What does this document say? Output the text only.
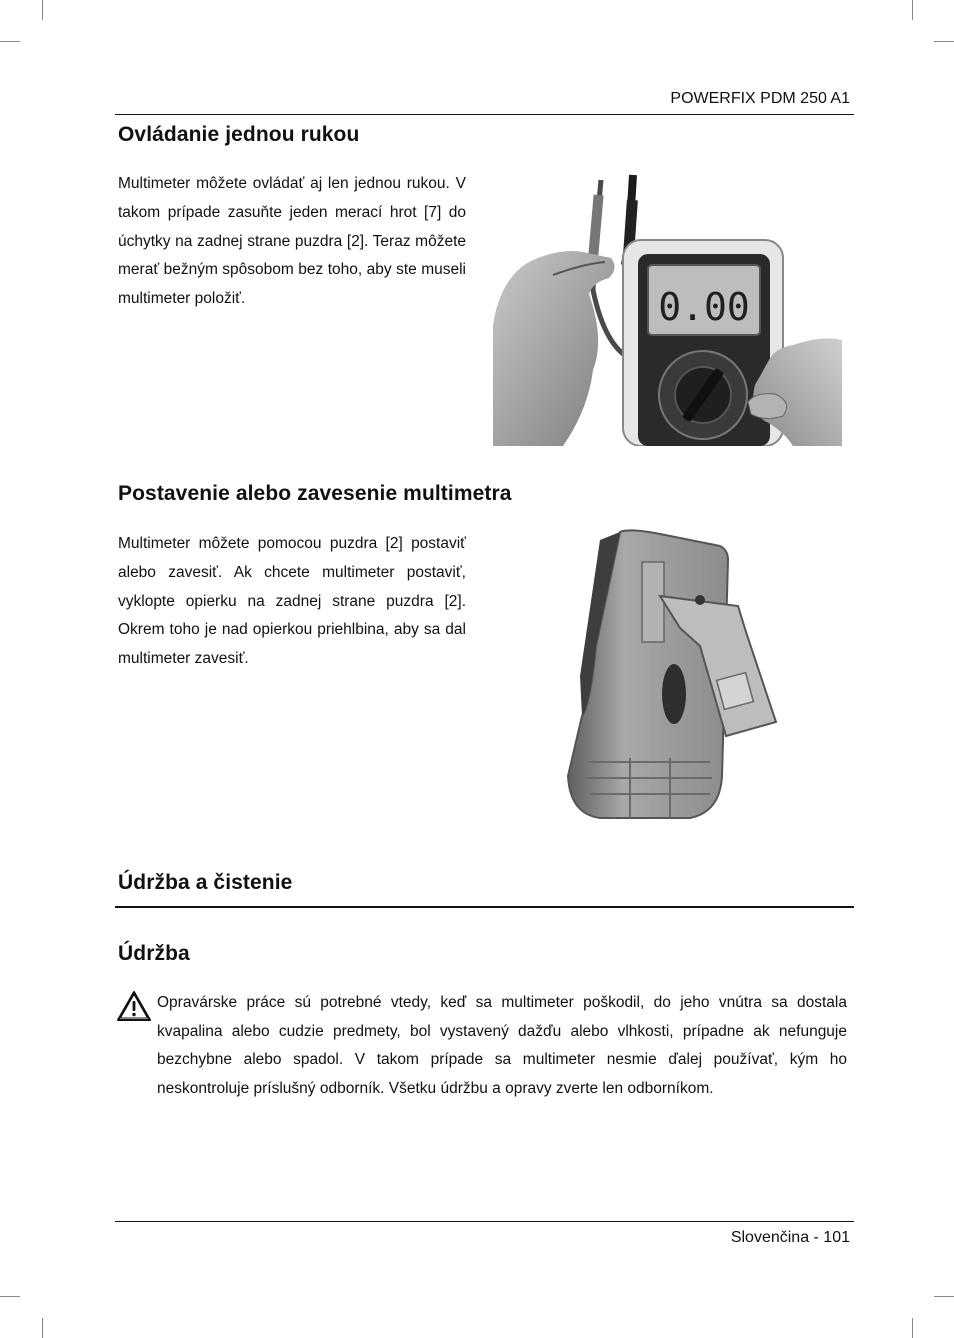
POWERFIX PDM 250 A1
Ovládanie jednou rukou

Multimeter môžete ovládať aj len jednou rukou. V takom prípade zasuňte jeden merací hrot [7] do úchytky na zadnej strane puzdra [2]. Teraz môžete merať bežným spôsobom bez toho, aby ste museli multimeter položiť.	0.00
Postavenie alebo zavesenie multimetra

Multimeter môžete pomocou puzdra [2] postaviť alebo zavesiť. Ak chcete multimeter postaviť, vyklopte opierku na zadnej strane puzdra [2]. Okrem toho je nad opierkou priehlbina, aby sa dal multimeter zavesiť.

Údržba a čistenie
Údržba

Opravárske práce sú potrebné vtedy, keď sa multimeter poškodil, do jeho vnútra sa dostala kvapalina alebo cudzie predmety, bol vystavený dažďu alebo vlhkosti, prípadne ak nefunguje bezchybne alebo spadol. V takom prípade sa multimeter nesmie ďalej používať, kým ho neskontroluje príslušný odborník. Všetku údržbu a opravy zverte len odborníkom.

Slovenčina - 101
